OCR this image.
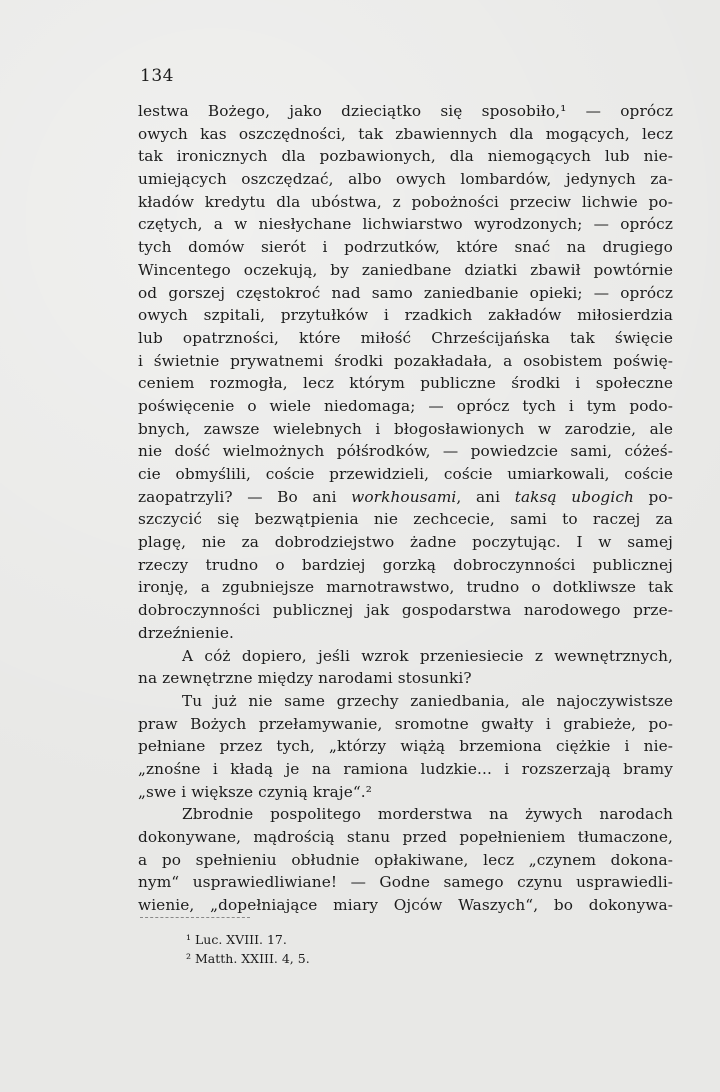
134
lestwa Bożego, jako dzieciątko się sposobiło,¹ — oprócz
owych kas oszczędności, tak zbawiennych dla mogących, lecz
tak ironicznych dla pozbawionych, dla niemogących lub nie-
umiejących oszczędzać, albo owych lombardów, jedynych za-
kładów kredytu dla ubóstwa, z pobożności przeciw lichwie po-
czętych, a w niesłychane lichwiarstwo wyrodzonych; — oprócz
tych domów sierót i podrzutków, które snać na drugiego
Wincentego oczekują, by zaniedbane dziatki zbawił powtórnie
od gorszej częstokroć nad samo zaniedbanie opieki; — oprócz
owych szpitali, przytułków i rzadkich zakładów miłosierdzia
lub opatrzności, które miłość Chrześcijańska tak święcie
i świetnie prywatnemi środki pozakładała, a osobistem poświę-
ceniem rozmogła, lecz którym publiczne środki i społeczne
poświęcenie o wiele niedomaga; — oprócz tych i tym podo-
bnych, zawsze wielebnych i błogosławionych w zarodzie, ale
nie dość wielmożnych półśrodków, — powiedzcie sami, cóżeś-
cie obmyślili, coście przewidzieli, coście umiarkowali, coście
zaopatrzyli? — Bo ani workhousami, ani taksą ubogich po-
szczycić się bezwątpienia nie zechcecie, sami to raczej za
plagę, nie za dobrodziejstwo żadne poczytując. I w samej
rzeczy trudno o bardziej gorzką dobroczynności publicznej
ironję, a zgubniejsze marnotrawstwo, trudno o dotkliwsze tak
dobroczynności publicznej jak gospodarstwa narodowego prze-
drzeźnienie.
A cóż dopiero, jeśli wzrok przeniesiecie z wewnętrznych,
na zewnętrzne między narodami stosunki?
Tu już nie same grzechy zaniedbania, ale najoczywistsze
praw Bożych przełamywanie, sromotne gwałty i grabieże, po-
pełniane przez tych, „którzy wiążą brzemiona ciężkie i nie-
„znośne i kładą je na ramiona ludzkie... i rozszerzają bramy
„swe i większe czynią kraje“.²
Zbrodnie pospolitego morderstwa na żywych narodach
dokonywane, mądrością stanu przed popełnieniem tłumaczone,
a po spełnieniu obłudnie opłakiwane, lecz „czynem dokona-
nym“ usprawiedliwiane! — Godne samego czynu usprawiedli-
wienie, „dopełniające miary Ojców Waszych“, bo dokonywa-
¹ Luc. XVIII. 17.
² Matth. XXIII. 4, 5.
